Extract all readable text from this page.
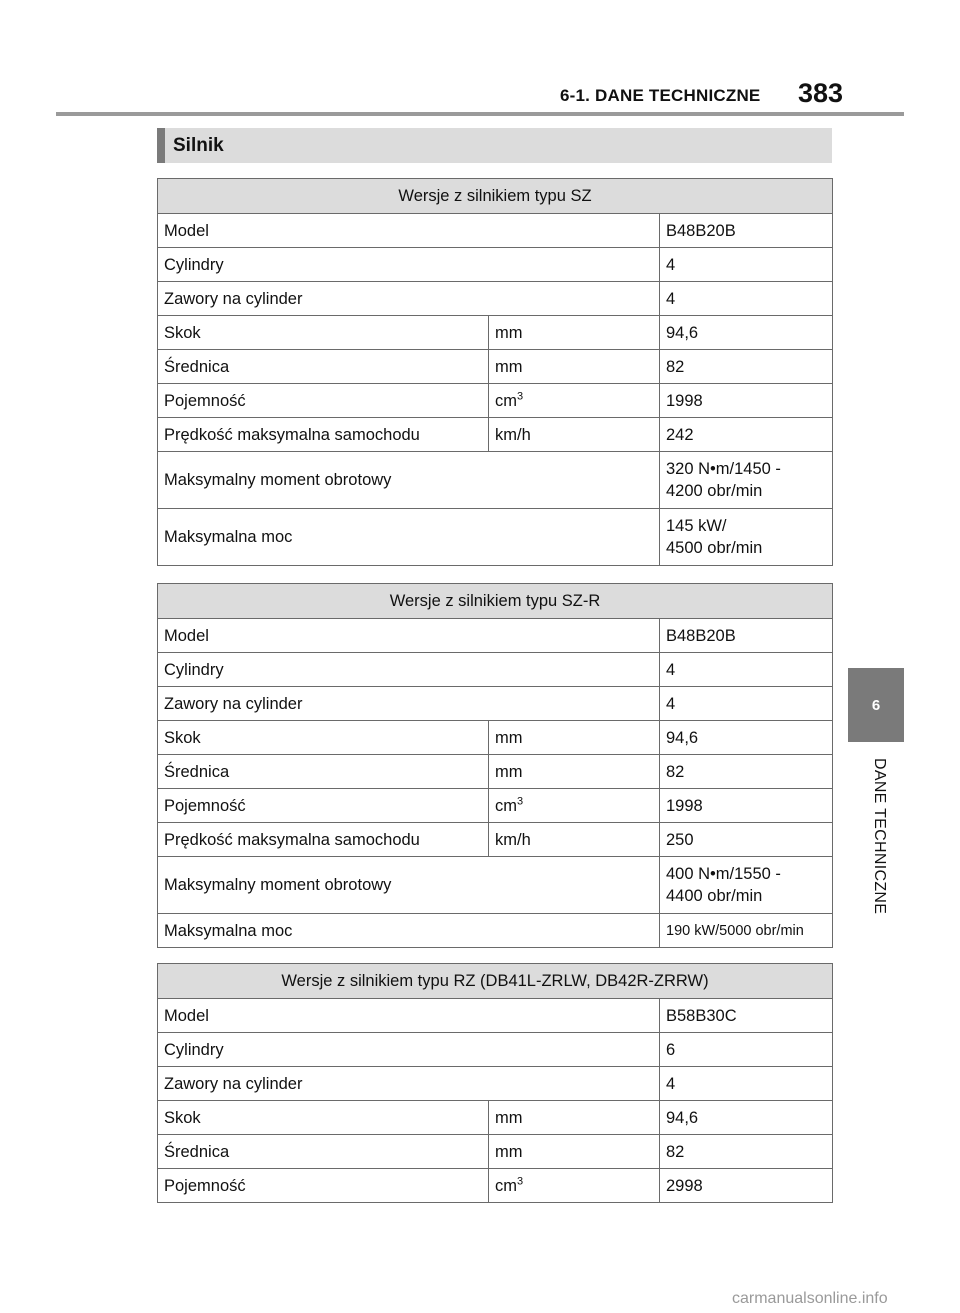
6-1. DANE TECHNICZNE 383
Silnik
Wersje z silnikiem typu SZ		
Model		B48B20B
Cylindry		4
Zawory na cylinder		4
Skok	mm	94,6
Średnica	mm	82
Pojemność	$cm^3$	1998
Prędkość maksymalna samochodu	km/h	242
Maksymalny moment obrotowy		320 N•m/1450 -
4200 obr/min

Maksymalna moc		145 kW/
4500 obr/min
Wersje z silnikiem typu SZ-R		
Model		B48B20B
Cylindry		4
Zawory na cylinder		4
Skok	mm	94,6
Średnica	mm	82
Pojemność	$cm^3$	1998
Prędkość maksymalna samochodu	km/h	250
Maksymalny moment obrotowy		400 N•m/1550 -
4400 obr/min

Maksymalna moc		190 kW/5000 obr/min
Wersje z silnikiem typu RZ (DB41L-ZRLW, DB42R-ZRRW)		
Model		B58B30C
Cylindry		6
Zawory na cylinder		4
Skok	mm	94,6
Średnica	mm	82
Pojemność	$cm^3$	2998
6
DANE TECHNICZNE
carmanualsonline.info
